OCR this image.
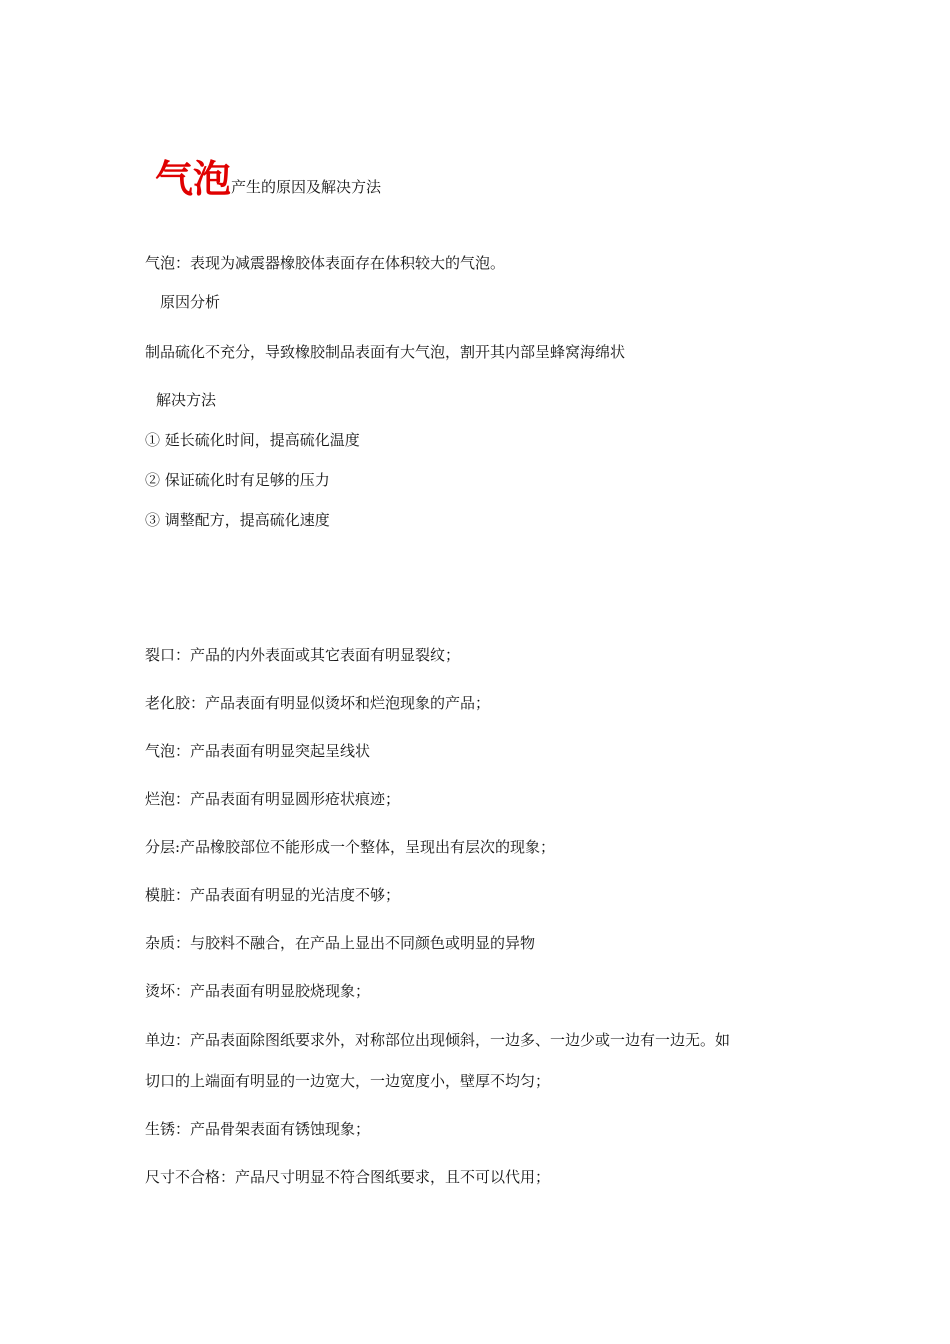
气泡产生的原因及解决方法
气泡：表现为减震器橡胶体表面存在体积较大的气泡。
原因分析
制品硫化不充分，导致橡胶制品表面有大气泡，割开其内部呈蜂窝海绵状
解决方法
① 延长硫化时间，提高硫化温度
② 保证硫化时有足够的压力
③ 调整配方，提高硫化速度
裂口：产品的内外表面或其它表面有明显裂纹；
老化胶：产品表面有明显似烫坏和烂泡现象的产品；
气泡：产品表面有明显突起呈线状
烂泡：产品表面有明显圆形疮状痕迹；
分层:产品橡胶部位不能形成一个整体，呈现出有层次的现象；
模脏：产品表面有明显的光洁度不够；
杂质：与胶料不融合，在产品上显出不同颜色或明显的异物
烫坏：产品表面有明显胶烧现象；
单边：产品表面除图纸要求外，对称部位出现倾斜，一边多、一边少或一边有一边无。如
切口的上端面有明显的一边宽大，一边宽度小，壁厚不均匀；
生锈：产品骨架表面有锈蚀现象；
尺寸不合格：产品尺寸明显不符合图纸要求，且不可以代用；
